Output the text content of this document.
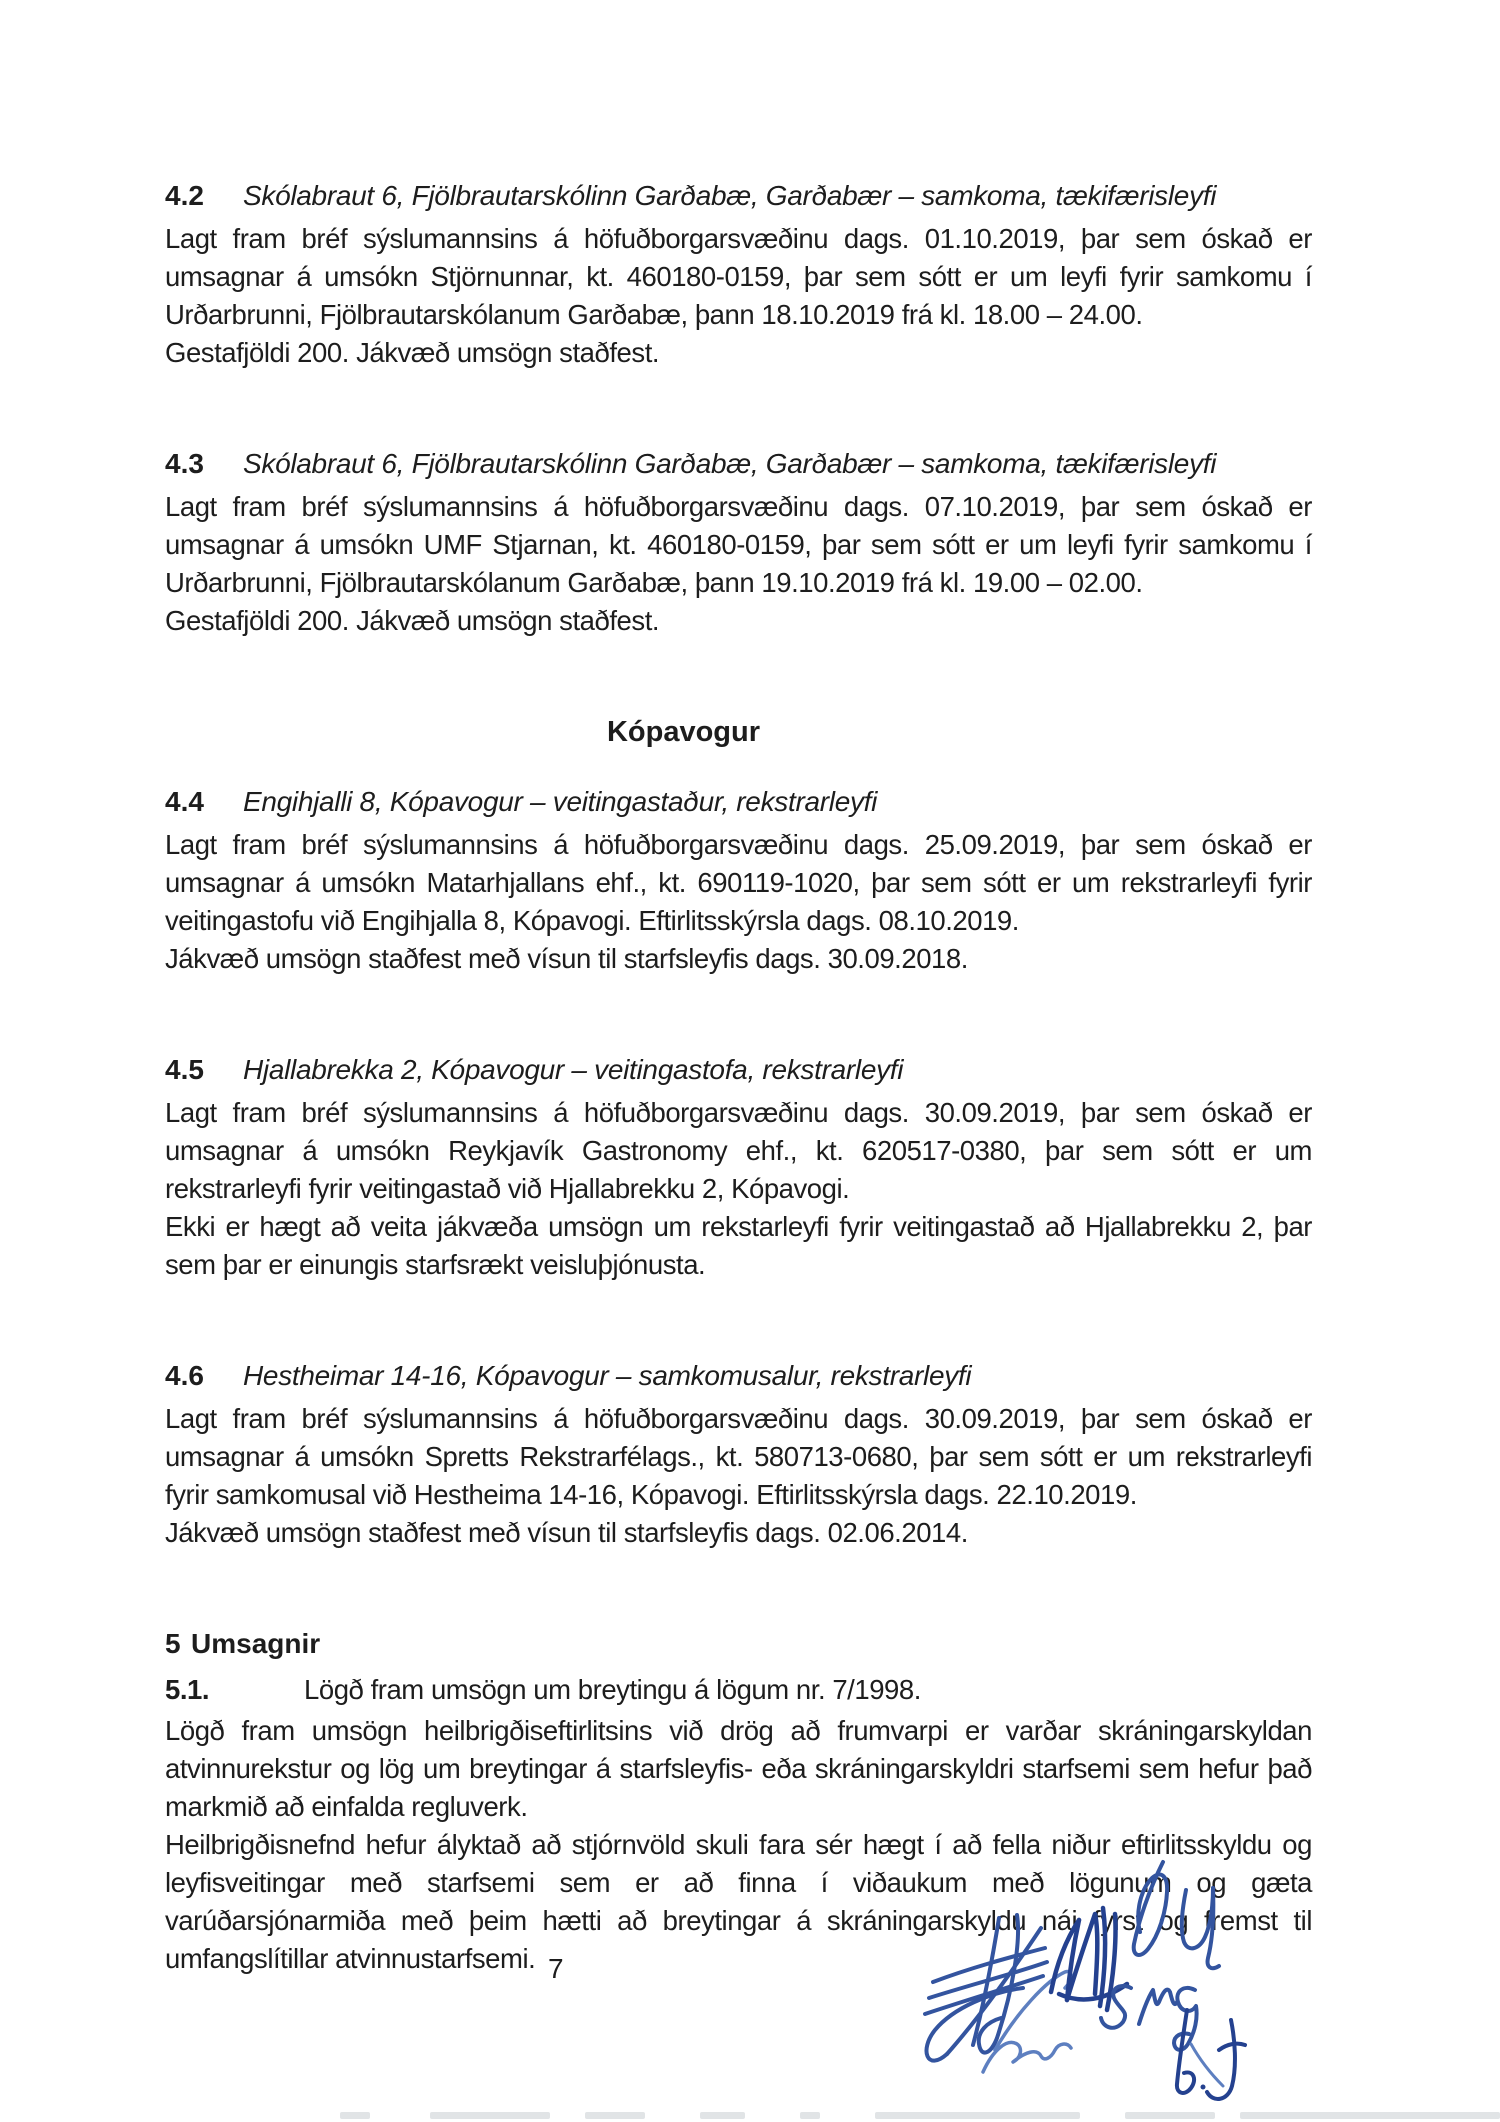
4.2 Skólabraut 6, Fjölbrautarskólinn Garðabæ, Garðabær – samkoma, tækifærisleyfi

Lagt fram bréf sýslumannsins á höfuðborgarsvæðinu dags. 01.10.2019, þar sem óskað er umsagnar á umsókn Stjörnunnar, kt. 460180-0159, þar sem sótt er um leyfi fyrir samkomu í Urðarbrunni, Fjölbrautarskólanum Garðabæ, þann 18.10.2019 frá kl. 18.00 – 24.00.

Gestafjöldi 200. Jákvæð umsögn staðfest.

4.3 Skólabraut 6, Fjölbrautarskólinn Garðabæ, Garðabær – samkoma, tækifærisleyfi

Lagt fram bréf sýslumannsins á höfuðborgarsvæðinu dags. 07.10.2019, þar sem óskað er umsagnar á umsókn UMF Stjarnan, kt. 460180-0159, þar sem sótt er um leyfi fyrir samkomu í Urðarbrunni, Fjölbrautarskólanum Garðabæ, þann 19.10.2019 frá kl. 19.00 – 02.00.

Gestafjöldi 200. Jákvæð umsögn staðfest.

Kópavogur
4.4 Engihjalli 8, Kópavogur – veitingastaður, rekstrarleyfi

Lagt fram bréf sýslumannsins á höfuðborgarsvæðinu dags. 25.09.2019, þar sem óskað er umsagnar á umsókn Matarhjallans ehf., kt. 690119-1020, þar sem sótt er um rekstrarleyfi fyrir veitingastofu við Engihjalla 8, Kópavogi. Eftirlitsskýrsla dags. 08.10.2019.

Jákvæð umsögn staðfest með vísun til starfsleyfis dags. 30.09.2018.

4.5 Hjallabrekka 2, Kópavogur – veitingastofa, rekstrarleyfi

Lagt fram bréf sýslumannsins á höfuðborgarsvæðinu dags. 30.09.2019, þar sem óskað er umsagnar á umsókn Reykjavík Gastronomy ehf., kt. 620517-0380, þar sem sótt er um rekstrarleyfi fyrir veitingastað við Hjallabrekku 2, Kópavogi.

Ekki er hægt að veita jákvæða umsögn um rekstarleyfi fyrir veitingastað að Hjallabrekku 2, þar sem þar er einungis starfsrækt veisluþjónusta.

4.6 Hestheimar 14-16, Kópavogur – samkomusalur, rekstrarleyfi

Lagt fram bréf sýslumannsins á höfuðborgarsvæðinu dags. 30.09.2019, þar sem óskað er umsagnar á umsókn Spretts Rekstrarfélags., kt. 580713-0680, þar sem sótt er um rekstrarleyfi fyrir samkomusal við Hestheima 14-16, Kópavogi. Eftirlitsskýrsla dags. 22.10.2019.

Jákvæð umsögn staðfest með vísun til starfsleyfis dags. 02.06.2014.

5 Umsagnir
5.1.	Lögð fram umsögn um breytingu á lögum nr. 7/1998.

Lögð fram umsögn heilbrigðiseftirlitsins við drög að frumvarpi er varðar skráningarskyldan atvinnurekstur og lög um breytingar á starfsleyfis- eða skráningarskyldri starfsemi sem hefur það markmið að einfalda regluverk.

Heilbrigðisnefnd hefur ályktað að stjórnvöld skuli fara sér hægt í að fella niður eftirlitsskyldu og leyfisveitingar með starfsemi sem er að finna í viðaukum með lögunum og gæta varúðarsjónarmiða með þeim hætti að breytingar á skráningarskyldu nái fyrst og fremst til umfangslítillar atvinnustarfsemi. 7
